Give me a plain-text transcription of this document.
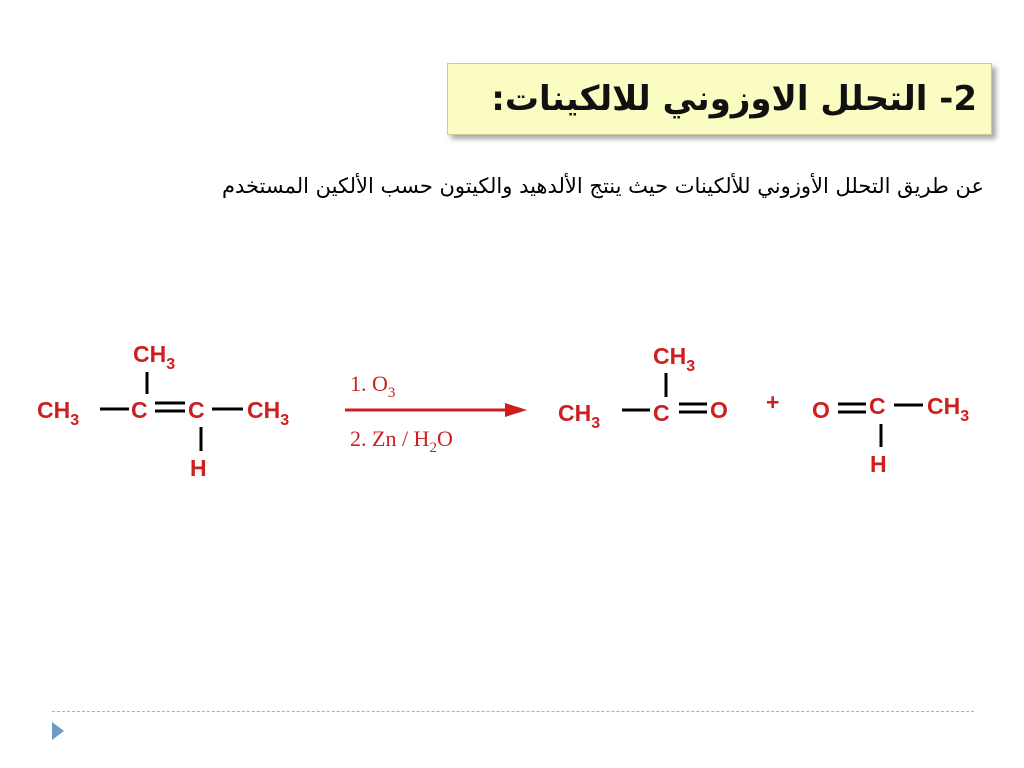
2- التحلل الاوزوني للالكينات:
عن طريق التحلل الأوزوني للألكينات حيث ينتج الألدهيد والكيتون حسب الألكين المستخدم
$CH_3$
$CH_3$ C C $CH_3$
H
1. $O_3$
2. Zn / $H_2O$
$CH_3$
$CH_3$ C O + O C $CH_3$
H
